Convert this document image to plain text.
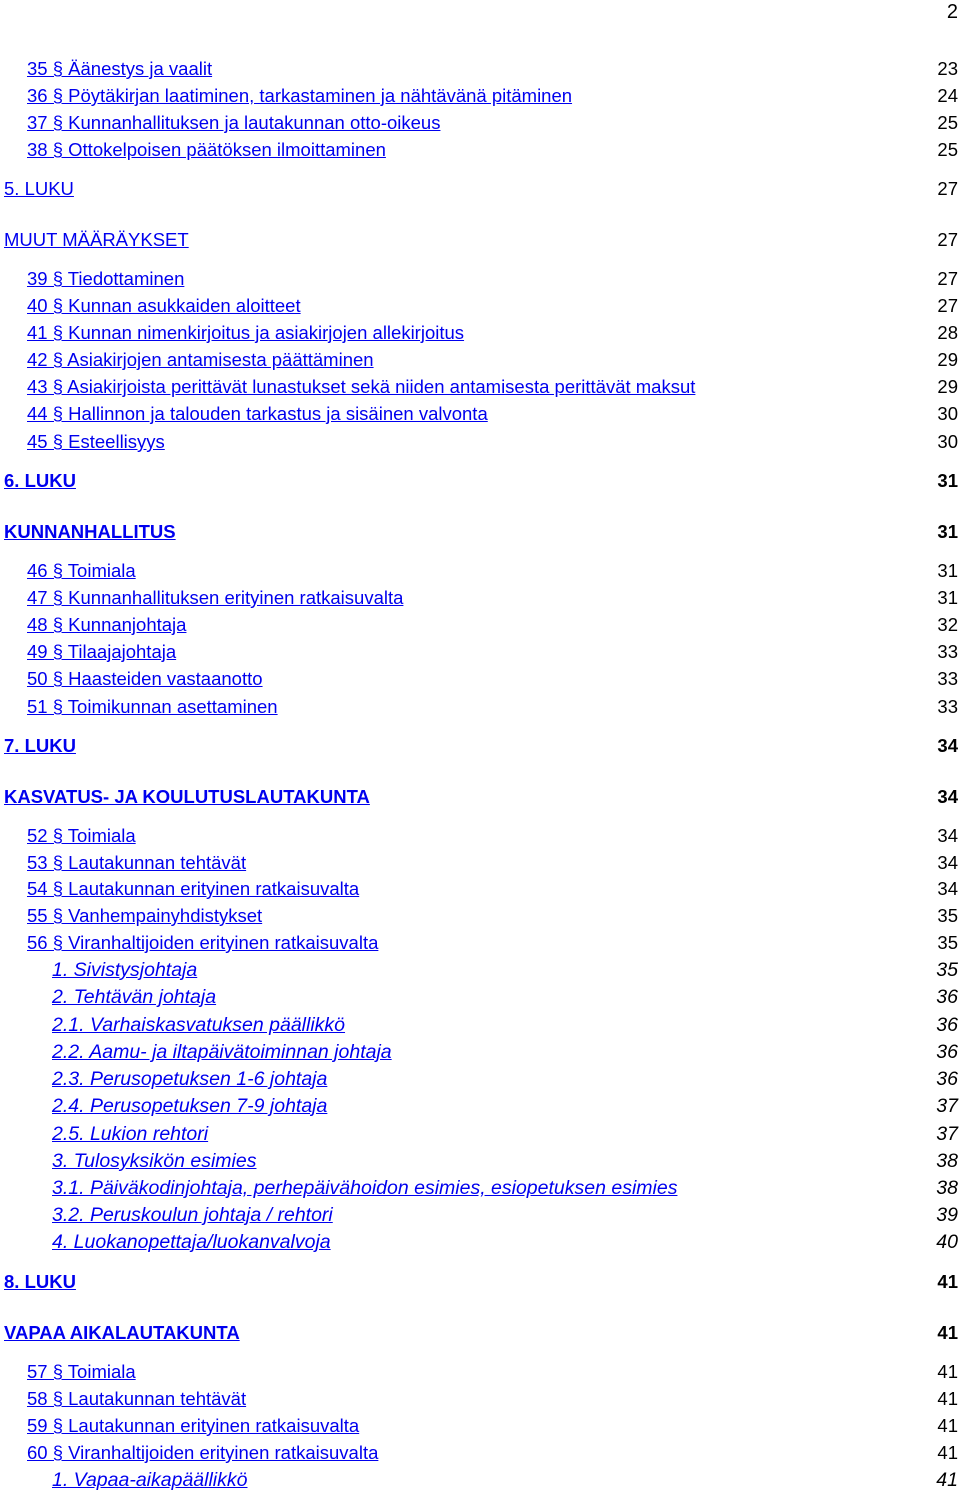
2
35 § Äänestys ja vaalit	23
36 § Pöytäkirjan laatiminen, tarkastaminen ja nähtävänä pitäminen	24
37 § Kunnanhallituksen ja lautakunnan otto-oikeus	25
38 § Ottokelpoisen päätöksen ilmoittaminen	25
5. LUKU	27
MUUT MÄÄRÄYKSET	27
39 § Tiedottaminen	27
40 § Kunnan asukkaiden aloitteet	27
41 § Kunnan nimenkirjoitus ja asiakirjojen allekirjoitus	28
42 § Asiakirjojen antamisesta päättäminen	29
43 § Asiakirjoista perittävät lunastukset sekä niiden antamisesta perittävät maksut	29
44 § Hallinnon ja talouden tarkastus ja sisäinen valvonta	30
45 § Esteellisyys	30
6. LUKU	31
KUNNANHALLITUS	31
46 § Toimiala	31
47 § Kunnanhallituksen erityinen ratkaisuvalta	31
48 § Kunnanjohtaja	32
49 § Tilaajajohtaja	33
50 § Haasteiden vastaanotto	33
51 § Toimikunnan asettaminen	33
7. LUKU	34
KASVATUS- JA KOULUTUSLAUTAKUNTA	34
52 § Toimiala	34
53 § Lautakunnan tehtävät	34
54 § Lautakunnan erityinen ratkaisuvalta	34
55 § Vanhempainyhdistykset	35
56 § Viranhaltijoiden erityinen ratkaisuvalta	35
1. Sivistysjohtaja	35
2. Tehtävän johtaja	36
2.1. Varhaiskasvatuksen päällikkö	36
2.2. Aamu- ja iltapäivätoiminnan johtaja	36
2.3. Perusopetuksen 1-6 johtaja	36
2.4. Perusopetuksen 7-9 johtaja	37
2.5. Lukion rehtori	37
3. Tulosyksikön esimies	38
3.1. Päiväkodinjohtaja, perhepäivähoidon esimies, esiopetuksen esimies	38
3.2. Peruskoulun johtaja / rehtori	39
4. Luokanopettaja/luokanvalvoja	40
8. LUKU	41
VAPAA AIKALAUTAKUNTA	41
57 § Toimiala	41
58 § Lautakunnan tehtävät	41
59 § Lautakunnan erityinen ratkaisuvalta	41
60 § Viranhaltijoiden erityinen ratkaisuvalta	41
1. Vapaa-aikapäällikkö	41
